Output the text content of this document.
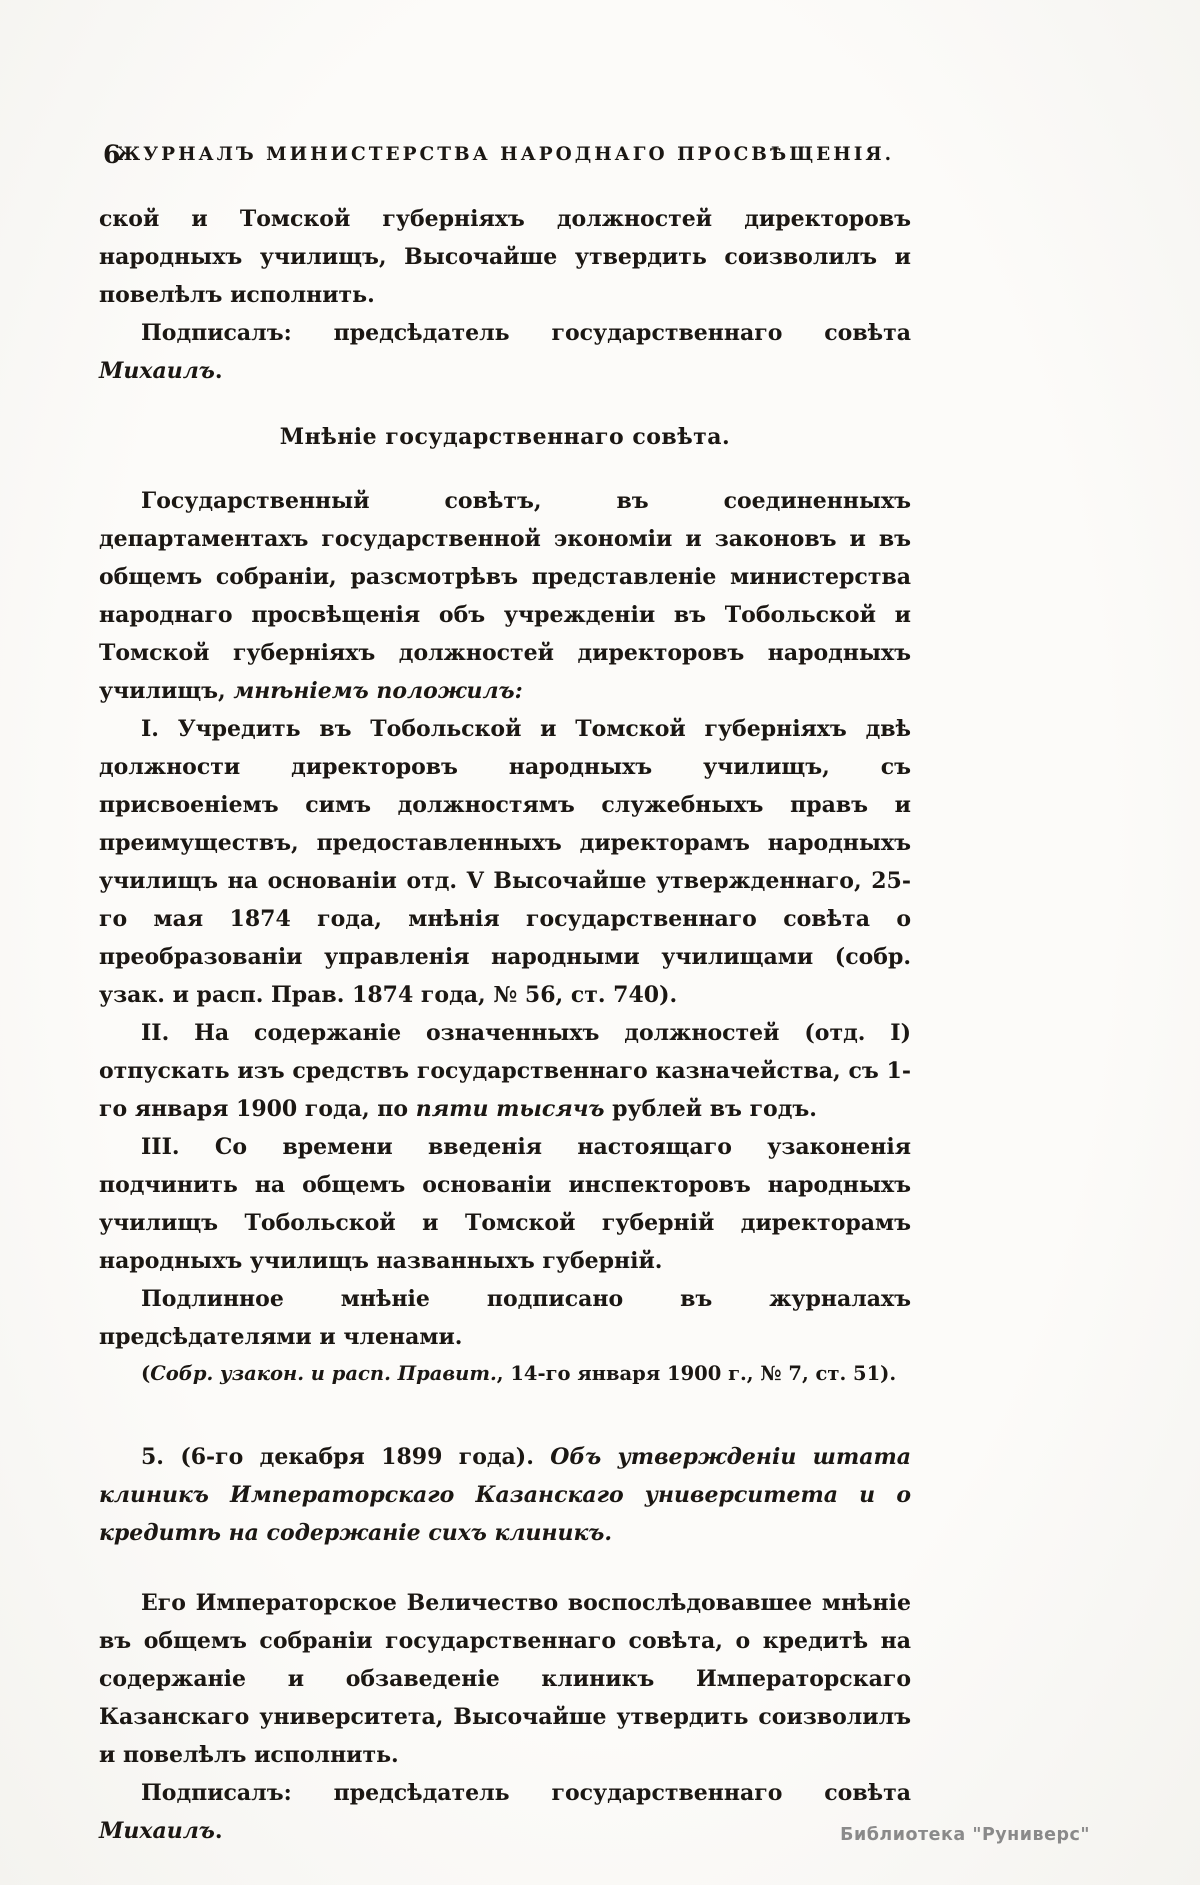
6
ЖУРНАЛЪ МИНИСТЕРСТВА НАРОДНАГО ПРОСВѢЩЕНІЯ.

ской и Томской губерніяхъ должностей директоровъ народныхъ училищъ, Высочайше утвердить соизволилъ и повелѣлъ исполнить.

Подписалъ: предсѣдатель государственнаго совѣта Михаилъ.

Мнѣніе государственнаго совѣта.

Государственный совѣтъ, въ соединенныхъ департаментахъ государственной экономіи и законовъ и въ общемъ собраніи, разсмотрѣвъ представленіе министерства народнаго просвѣщенія объ учрежденіи въ Тобольской и Томской губерніяхъ должностей директоровъ народныхъ училищъ, мнѣніемъ положилъ:

I. Учредить въ Тобольской и Томской губерніяхъ двѣ должности директоровъ народныхъ училищъ, съ присвоеніемъ симъ должностямъ служебныхъ правъ и преимуществъ, предоставленныхъ директорамъ народныхъ училищъ на основаніи отд. V Высочайше утвержденнаго, 25-го мая 1874 года, мнѣнія государственнаго совѣта о преобразованіи управленія народными училищами (собр. узак. и расп. Прав. 1874 года, № 56, ст. 740).

II. На содержаніе означенныхъ должностей (отд. I) отпускать изъ средствъ государственнаго казначейства, съ 1-го января 1900 года, по пяти тысячъ рублей въ годъ.

III. Со времени введенія настоящаго узаконенія подчинить на общемъ основаніи инспекторовъ народныхъ училищъ Тобольской и Томской губерній директорамъ народныхъ училищъ названныхъ губерній.

Подлинное мнѣніе подписано въ журналахъ предсѣдателями и членами.

(Собр. узакон. и расп. Правит., 14-го января 1900 г., № 7, ст. 51).

5. (6-го декабря 1899 года). Объ утвержденіи штата клиникъ Императорскаго Казанскаго университета и о кредитѣ на содержаніе сихъ клиникъ.

Его Императорское Величество воспослѣдовавшее мнѣніе въ общемъ собраніи государственнаго совѣта, о кредитѣ на содержаніе и обзаведеніе клиникъ Императорскаго Казанскаго университета, Высочайше утвердить соизволилъ и повелѣлъ исполнить.

Подписалъ: предсѣдатель государственнаго совѣта Михаилъ.	Библиотека "Руниверс"
